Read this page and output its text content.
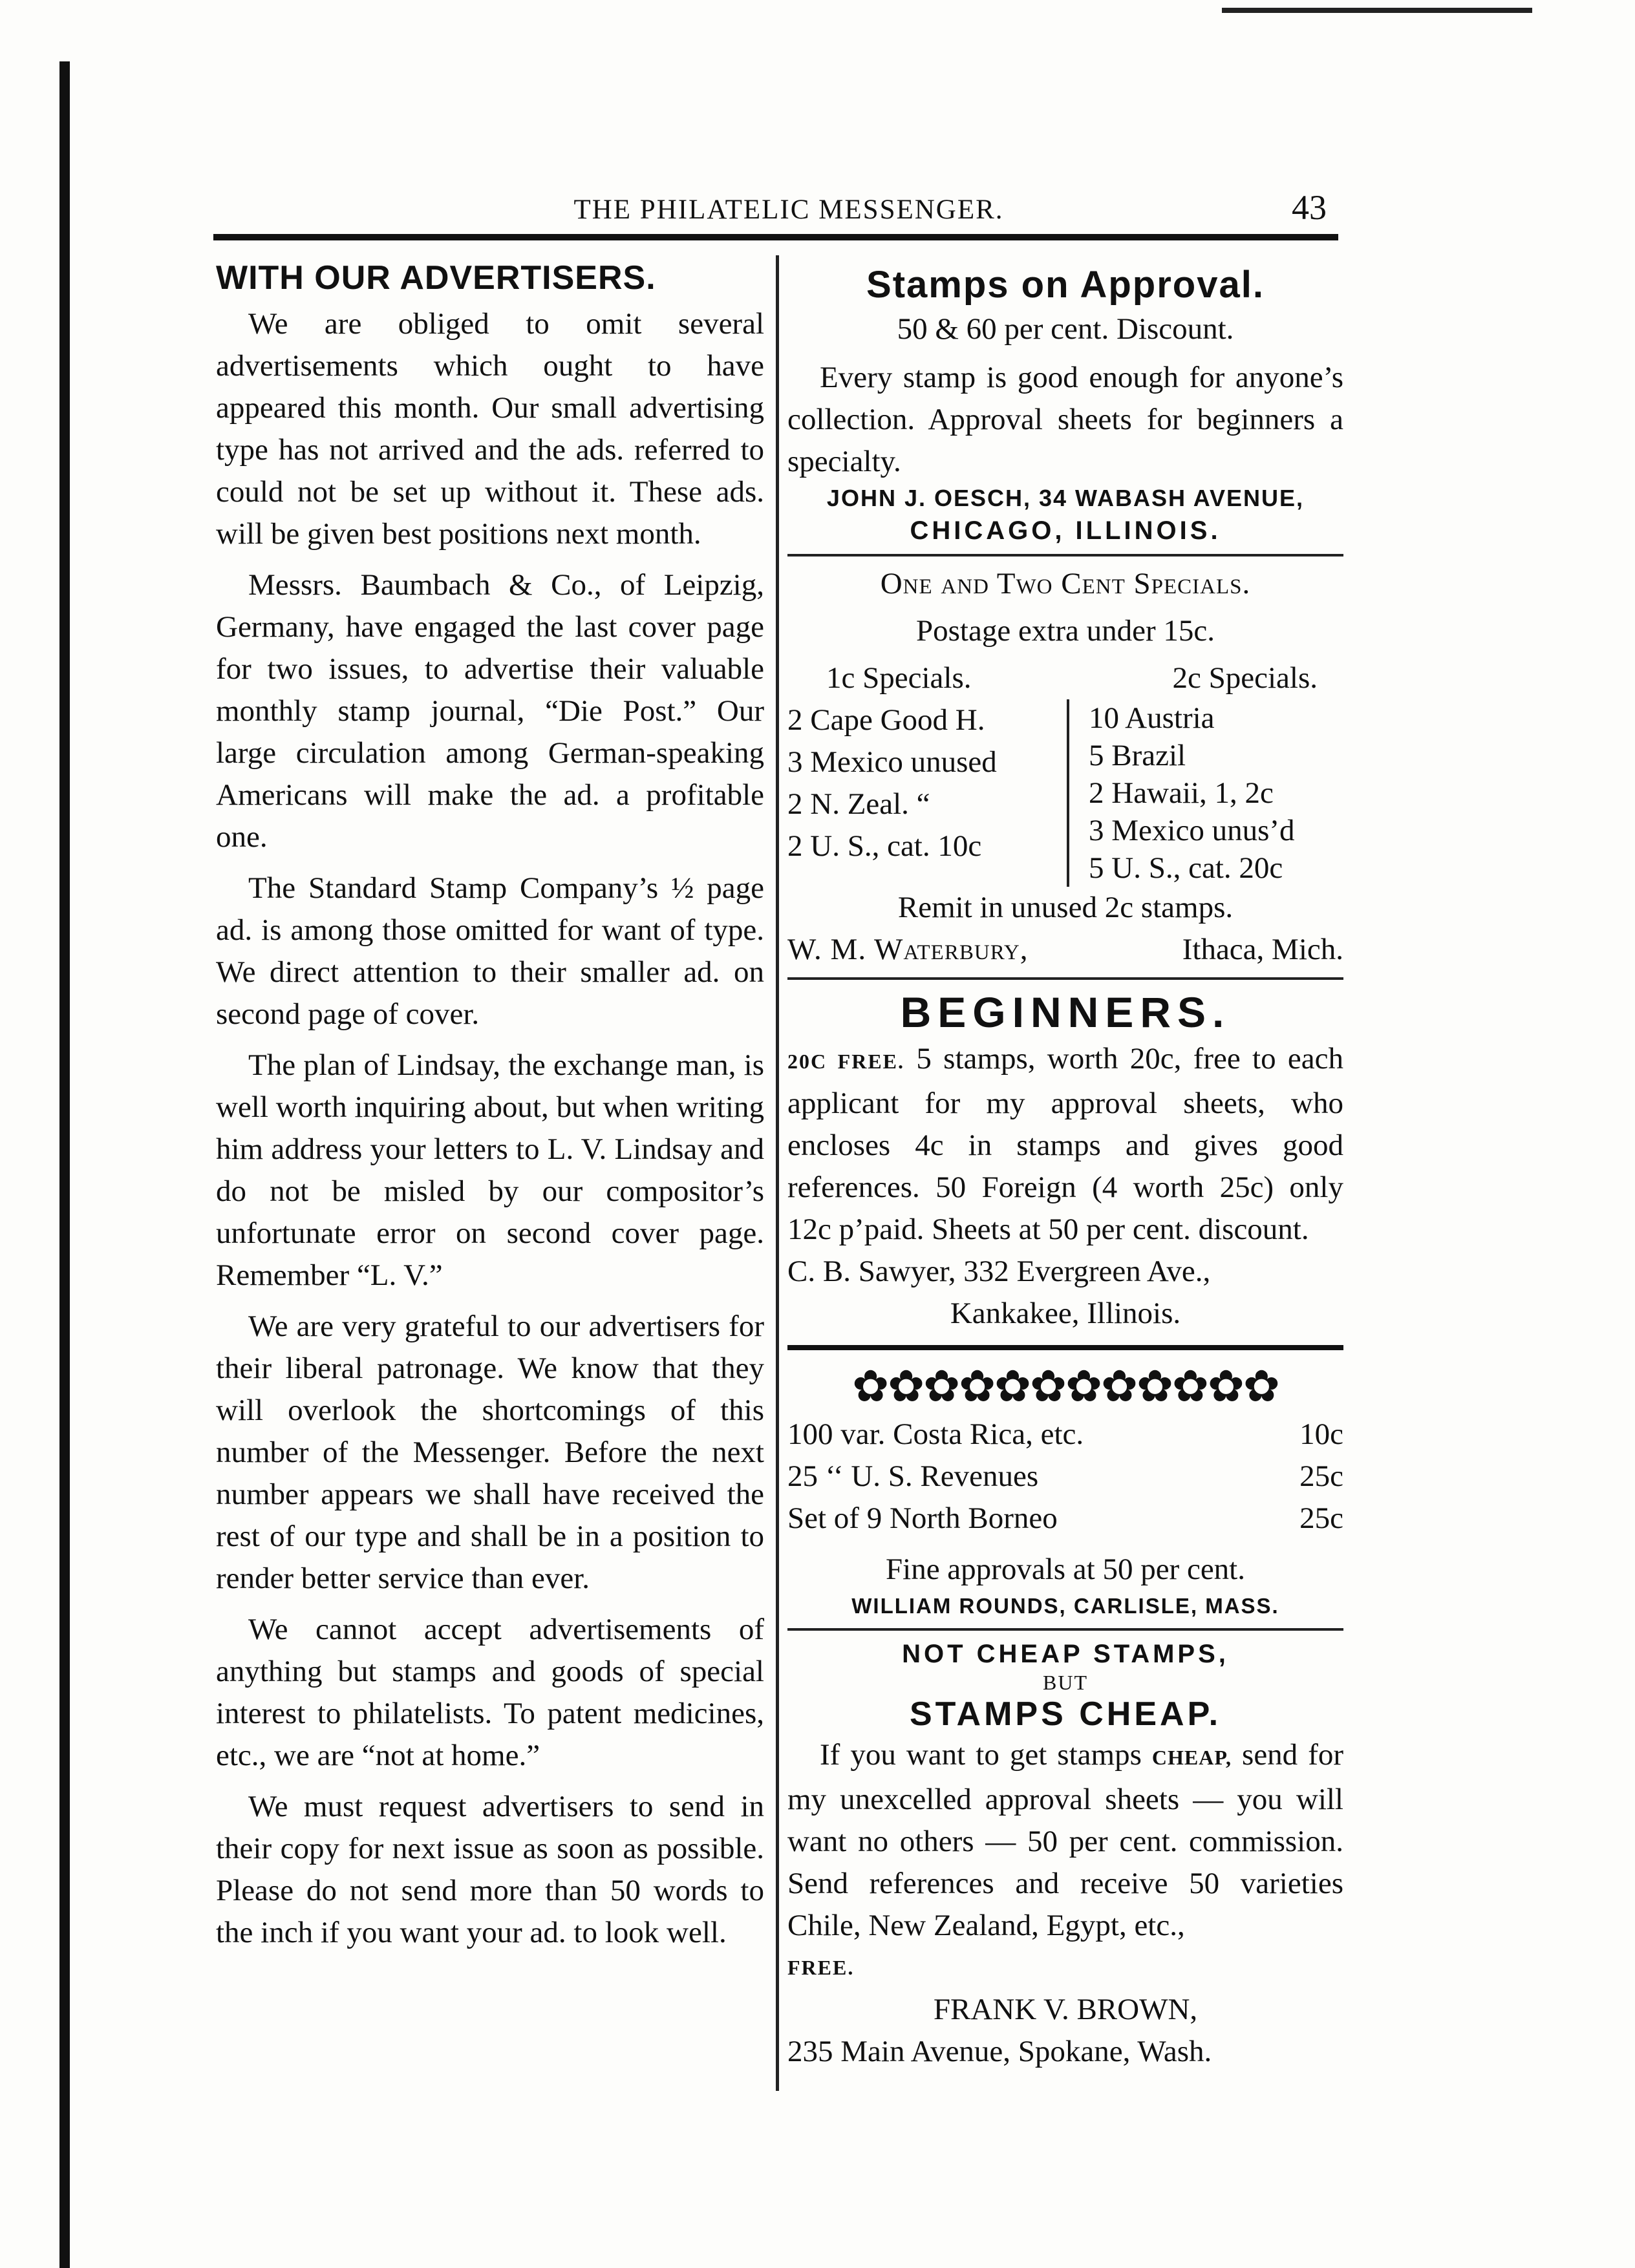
THE PHILATELIC MESSENGER.	43
WITH OUR ADVERTISERS.

We are obliged to omit several advertisements which ought to have appeared this month. Our small advertising type has not arrived and the ads. referred to could not be set up without it. These ads. will be given best positions next month.

Messrs. Baumbach & Co., of Leipzig, Germany, have engaged the last cover page for two issues, to advertise their valuable monthly stamp journal, “Die Post.” Our large circulation among German-speaking Americans will make the ad. a profitable one.

The Standard Stamp Company’s ½ page ad. is among those omitted for want of type. We direct attention to their smaller ad. on second page of cover.

The plan of Lindsay, the exchange man, is well worth inquiring about, but when writing him address your letters to L. V. Lindsay and do not be misled by our compositor’s unfortunate error on second cover page. Remember “L. V.”

We are very grateful to our advertisers for their liberal patronage. We know that they will overlook the shortcomings of this number of the Messenger. Before the next number appears we shall have received the rest of our type and shall be in a position to render better service than ever.

We cannot accept advertisements of anything but stamps and goods of special interest to philatelists. To patent medicines, etc., we are “not at home.”

We must request advertisers to send in their copy for next issue as soon as possible. Please do not send more than 50 words to the inch if you want your ad. to look well.

Stamps on Approval.
50 & 60 per cent. Discount.

Every stamp is good enough for anyone’s collection. Approval sheets for beginners a specialty.

JOHN J. OESCH, 34 WABASH AVENUE,
CHICAGO, ILLINOIS.
One and Two Cent Specials.
Postage extra under 15c.
1c Specials.	2c Specials.
2 Cape Good H.
3 Mexico unused
2 N. Zeal. “
2 U. S., cat. 10c
10 Austria
5 Brazil
2 Hawaii, 1, 2c
3 Mexico unus’d
5 U. S., cat. 20c
Remit in unused 2c stamps.
W. M. Waterbury,	Ithaca, Mich.
BEGINNERS.

20C FREE. 5 stamps, worth 20c, free to each applicant for my approval sheets, who encloses 4c in stamps and gives good references. 50 Foreign (4 worth 25c) only 12c p’paid. Sheets at 50 per cent. discount.

C. B. Sawyer, 332 Evergreen Ave.,
Kankakee, Illinois.
✿✿✿✿✿✿✿✿✿✿✿✿
100 var. Costa Rica, etc.	10c
25 ‘‘ U. S. Revenues	25c
Set of 9 North Borneo	25c
Fine approvals at 50 per cent.
WILLIAM ROUNDS, CARLISLE, MASS.
NOT CHEAP STAMPS,
BUT
STAMPS CHEAP.

If you want to get stamps CHEAP, send for my unexcelled approval sheets — you will want no others — 50 per cent. commission. Send references and receive 50 varieties Chile, New Zealand, Egypt, etc.,

FREE.
FRANK V. BROWN,
235 Main Avenue, Spokane, Wash.
